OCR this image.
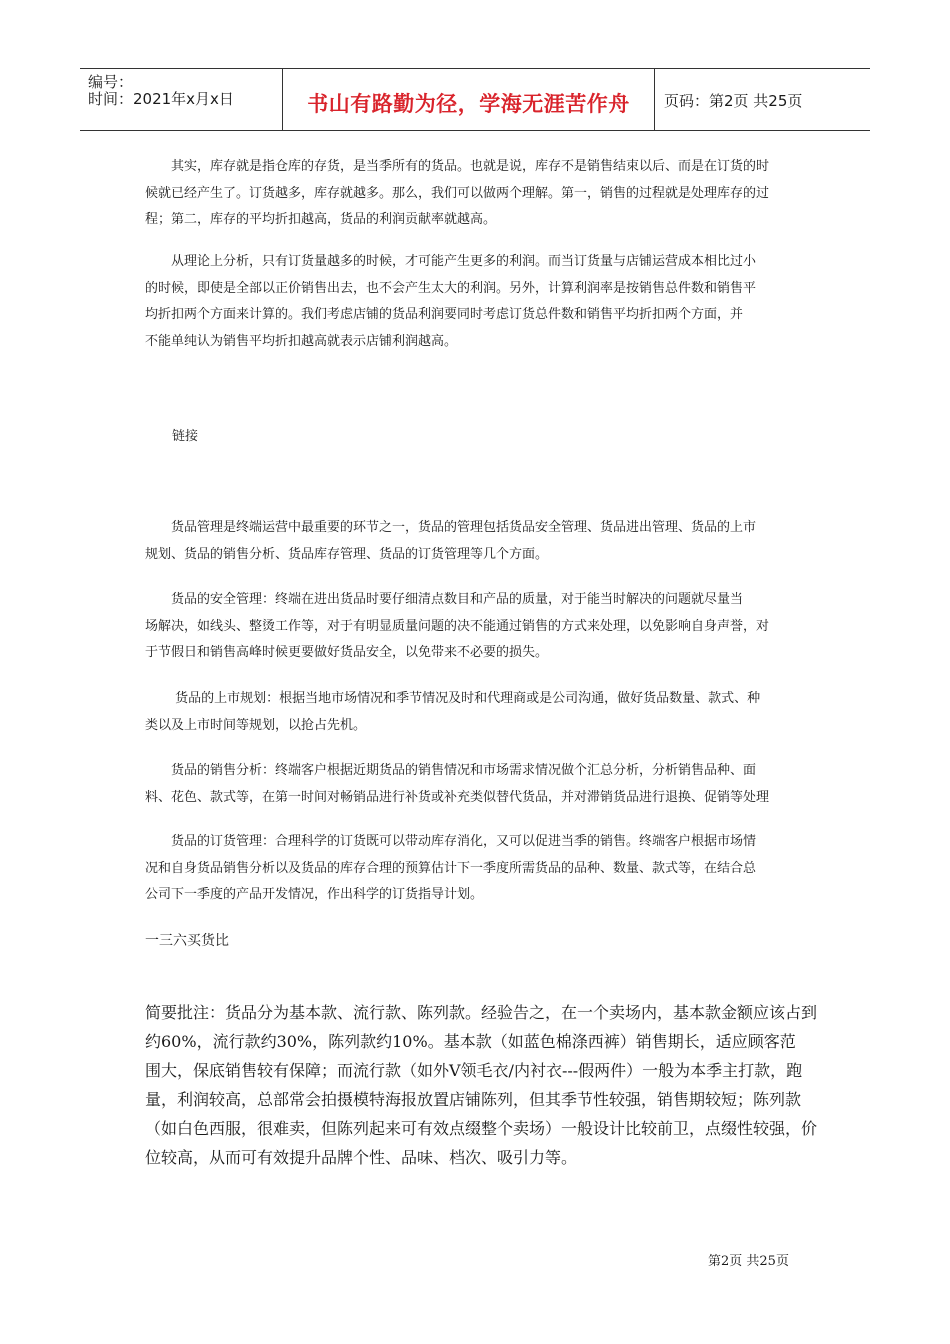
编号：
时间：2021年x月x日	书山有路勤为径，学海无涯苦作舟	页码：第2页 共25页

　　其实，库存就是指仓库的存货，是当季所有的货品。也就是说，库存不是销售结束以后、而是在订货的时
候就已经产生了。订货越多，库存就越多。那么，我们可以做两个理解。第一，销售的过程就是处理库存的过
程；第二，库存的平均折扣越高，货品的利润贡献率就越高。

　　从理论上分析，只有订货量越多的时候，才可能产生更多的利润。而当订货量与店铺运营成本相比过小
的时候，即使是全部以正价销售出去，也不会产生太大的利润。另外，计算利润率是按销售总件数和销售平
均折扣两个方面来计算的。我们考虑店铺的货品利润要同时考虑订货总件数和销售平均折扣两个方面，并
不能单纯认为销售平均折扣越高就表示店铺利润越高。

链接

　　货品管理是终端运营中最重要的环节之一，货品的管理包括货品安全管理、货品进出管理、货品的上市
规划、货品的销售分析、货品库存管理、货品的订货管理等几个方面。

　　货品的安全管理：终端在进出货品时要仔细清点数目和产品的质量，对于能当时解决的问题就尽量当
场解决，如线头、整烫工作等，对于有明显质量问题的决不能通过销售的方式来处理，以免影响自身声誉，对
于节假日和销售高峰时候更要做好货品安全，以免带来不必要的损失。

　　 货品的上市规划：根据当地市场情况和季节情况及时和代理商或是公司沟通，做好货品数量、款式、种
类以及上市时间等规划，以抢占先机。

　　货品的销售分析：终端客户根据近期货品的销售情况和市场需求情况做个汇总分析，分析销售品种、面
料、花色、款式等，在第一时间对畅销品进行补货或补充类似替代货品，并对滞销货品进行退换、促销等处理

　　货品的订货管理：合理科学的订货既可以带动库存消化，又可以促进当季的销售。终端客户根据市场情
况和自身货品销售分析以及货品的库存合理的预算估计下一季度所需货品的品种、数量、款式等，在结合总
公司下一季度的产品开发情况，作出科学的订货指导计划。

一三六买货比

简要批注：货品分为基本款、流行款、陈列款。经验告之，在一个卖场内，基本款金额应该占到
约60%，流行款约30%，陈列款约10%。基本款（如蓝色棉涤西裤）销售期长，适应顾客范
围大，保底销售较有保障；而流行款（如外V领毛衣/内衬衣---假两件）一般为本季主打款，跑
量，利润较高，总部常会拍摄模特海报放置店铺陈列，但其季节性较强，销售期较短；陈列款
（如白色西服，很难卖，但陈列起来可有效点缀整个卖场）一般设计比较前卫，点缀性较强，价
位较高，从而可有效提升品牌个性、品味、档次、吸引力等。

第2页 共25页
